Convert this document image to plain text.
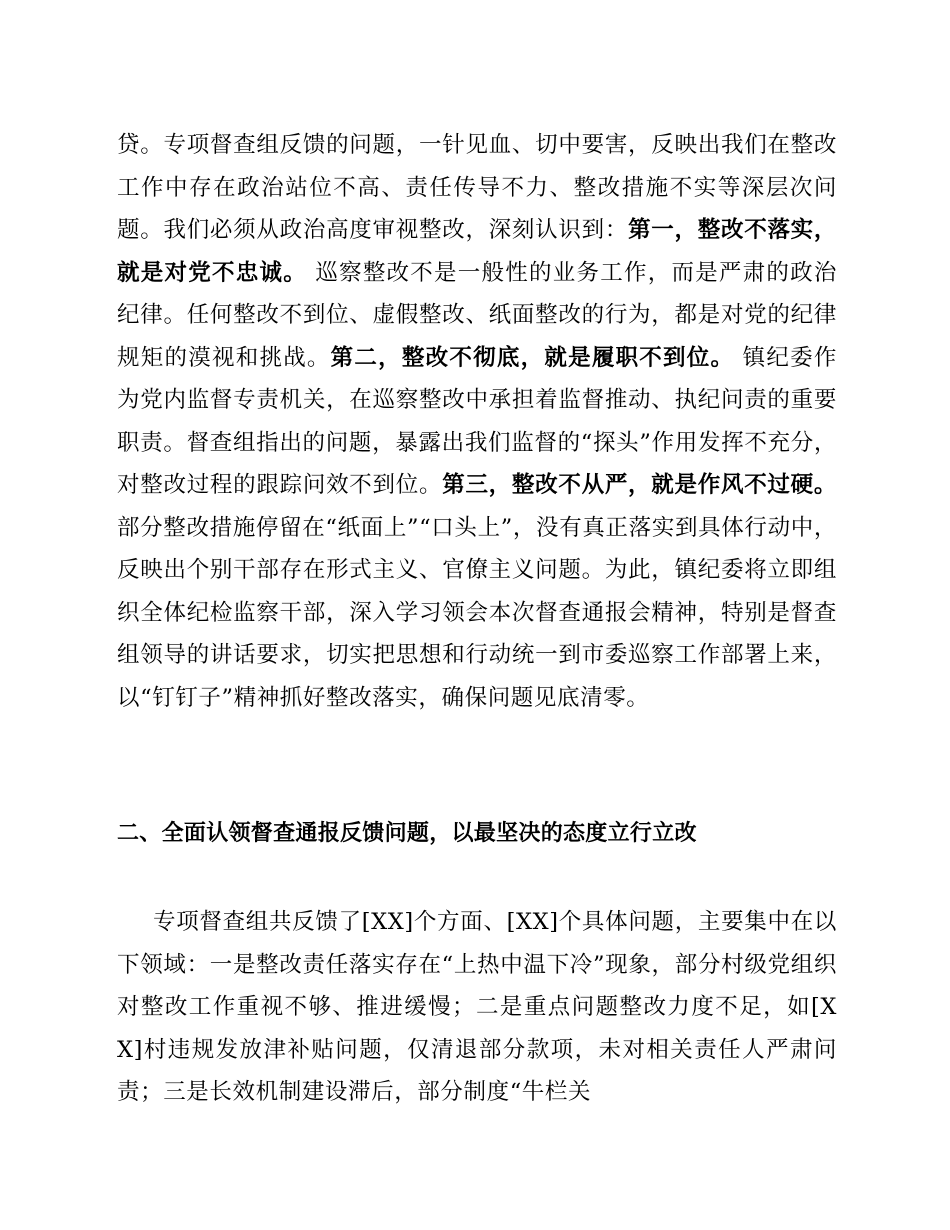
贷。专项督查组反馈的问题，一针见血、切中要害，反映出我们在整改工作中存在政治站位不高、责任传导不力、整改措施不实等深层次问题。我们必须从政治高度审视整改，深刻认识到：第一，整改不落实，就是对党不忠诚。 巡察整改不是一般性的业务工作，而是严肃的政治纪律。任何整改不到位、虚假整改、纸面整改的行为，都是对党的纪律规矩的漠视和挑战。第二，整改不彻底，就是履职不到位。 镇纪委作为党内监督专责机关，在巡察整改中承担着监督推动、执纪问责的重要职责。督查组指出的问题，暴露出我们监督的“探头”作用发挥不充分，对整改过程的跟踪问效不到位。第三，整改不从严，就是作风不过硬。 部分整改措施停留在“纸面上”“口头上”，没有真正落实到具体行动中，反映出个别干部存在形式主义、官僚主义问题。为此，镇纪委将立即组织全体纪检监察干部，深入学习领会本次督查通报会精神，特别是督查组领导的讲话要求，切实把思想和行动统一到市委巡察工作部署上来，以“钉钉子”精神抓好整改落实，确保问题见底清零。

二、全面认领督查通报反馈问题，以最坚决的态度立行立改

专项督查组共反馈了[XX]个方面、[XX]个具体问题，主要集中在以下领域：一是整改责任落实存在“上热中温下冷”现象，部分村级党组织对整改工作重视不够、推进缓慢；二是重点问题整改力度不足，如[XX]村违规发放津补贴问题，仅清退部分款项，未对相关责任人严肃问责；三是长效机制建设滞后，部分制度“牛栏关
